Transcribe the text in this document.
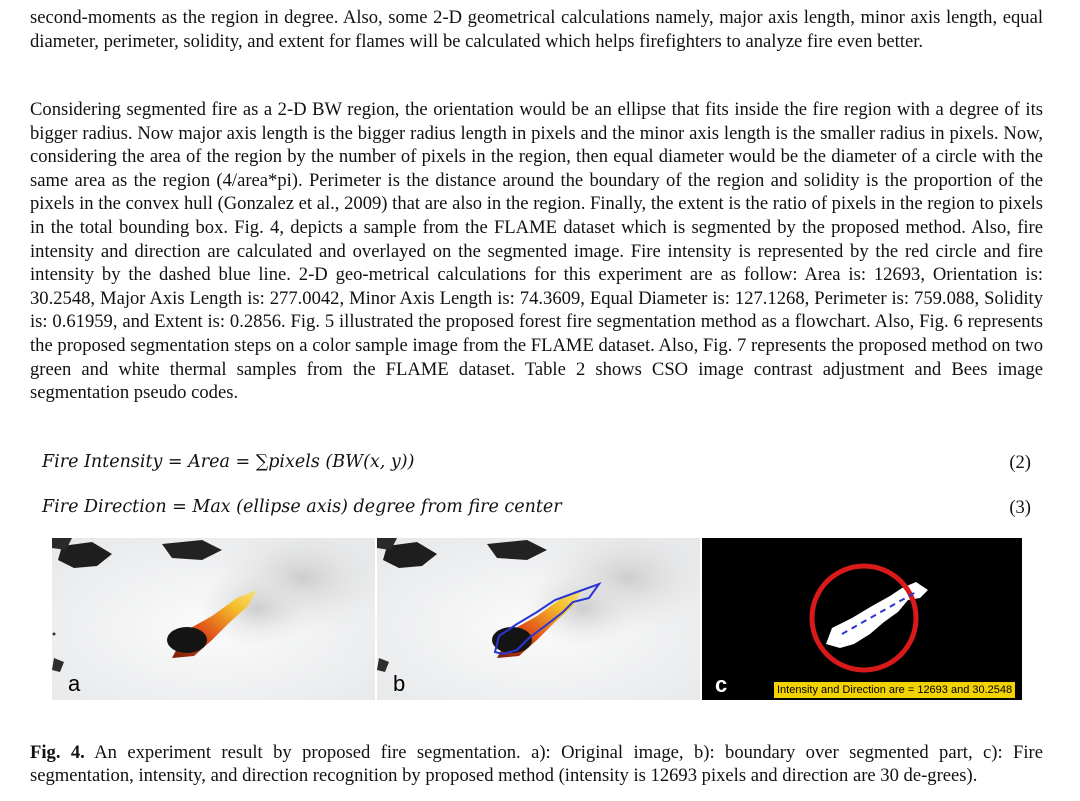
second-moments as the region in degree. Also, some 2-D geometrical calculations namely, major axis length, minor axis length, equal diameter, perimeter, solidity, and extent for flames will be calculated which helps firefighters to analyze fire even better.

Considering segmented fire as a 2-D BW region, the orientation would be an ellipse that fits inside the fire region with a degree of its bigger radius. Now major axis length is the bigger radius length in pixels and the minor axis length is the smaller radius in pixels. Now, considering the area of the region by the number of pixels in the region, then equal diameter would be the diameter of a circle with the same area as the region (4/area*pi). Perimeter is the distance around the boundary of the region and solidity is the proportion of the pixels in the convex hull (Gonzalez et al., 2009) that are also in the region. Finally, the extent is the ratio of pixels in the region to pixels in the total bounding box. Fig. 4, depicts a sample from the FLAME dataset which is segmented by the proposed method. Also, fire intensity and direction are calculated and overlayed on the segmented image. Fire intensity is represented by the red circle and fire intensity by the dashed blue line. 2-D geo-metrical calculations for this experiment are as follow: Area is: 12693, Orientation is: 30.2548, Major Axis Length is: 277.0042, Minor Axis Length is: 74.3609, Equal Diameter is: 127.1268, Perimeter is: 759.088, Solidity is: 0.61959, and Extent is: 0.2856. Fig. 5 illustrated the proposed forest fire segmentation method as a flowchart. Also, Fig. 6 represents the proposed segmentation steps on a color sample image from the FLAME dataset. Also, Fig. 7 represents the proposed method on two green and white thermal samples from the FLAME dataset. Table 2 shows CSO image contrast adjustment and Bees image segmentation pseudo codes.

Fire Intensity = Area = ∑pixels (BW(x, y))	(2)
Fire Direction = Max (ellipse axis) degree from fire center	(3)
a	b	c	Intensity and Direction are = 12693 and 30.2548

Fig. 4. An experiment result by proposed fire segmentation. a): Original image, b): boundary over segmented part, c): Fire segmentation, intensity, and direction recognition by proposed method (intensity is 12693 pixels and direction are 30 de-grees).
